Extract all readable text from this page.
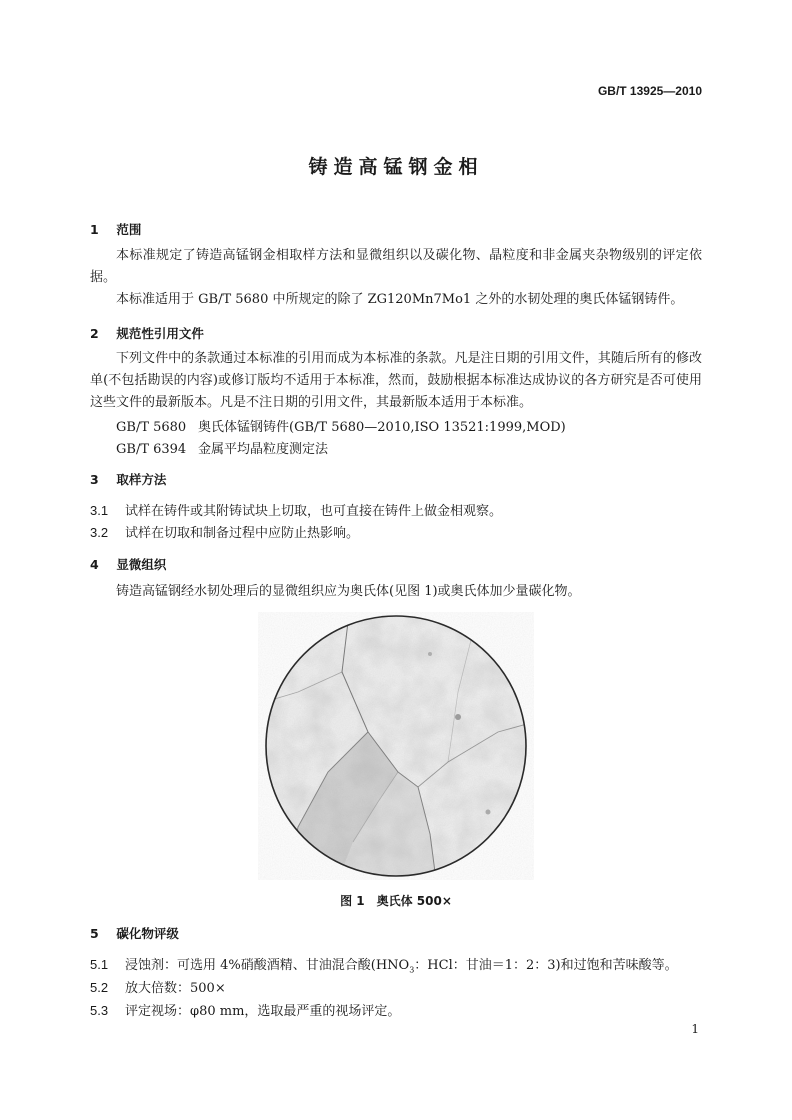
GB/T 13925—2010
铸造高锰钢金相
1 范围
本标准规定了铸造高锰钢金相取样方法和显微组织以及碳化物、晶粒度和非金属夹杂物级别的评定依据。
本标准适用于 GB/T 5680 中所规定的除了 ZG120Mn7Mo1 之外的水韧处理的奥氏体锰钢铸件。
2 规范性引用文件
下列文件中的条款通过本标准的引用而成为本标准的条款。凡是注日期的引用文件，其随后所有的修改单(不包括勘误的内容)或修订版均不适用于本标准，然而，鼓励根据本标准达成协议的各方研究是否可使用这些文件的最新版本。凡是不注日期的引用文件，其最新版本适用于本标准。
GB/T 5680 奥氏体锰钢铸件(GB/T 5680—2010,ISO 13521:1999,MOD)
GB/T 6394 金属平均晶粒度测定法
3 取样方法
3.1 试样在铸件或其附铸试块上切取，也可直接在铸件上做金相观察。
3.2 试样在切取和制备过程中应防止热影响。
4 显微组织
铸造高锰钢经水韧处理后的显微组织应为奥氏体(见图 1)或奥氏体加少量碳化物。
图 1　奥氏体 500×
5 碳化物评级
5.1 浸蚀剂：可选用 4%硝酸酒精、甘油混合酸($HNO_3$：HCl：甘油＝1：2：3)和过饱和苦味酸等。
5.2 放大倍数：500×
5.3 评定视场：φ80 mm，选取最严重的视场评定。
1
